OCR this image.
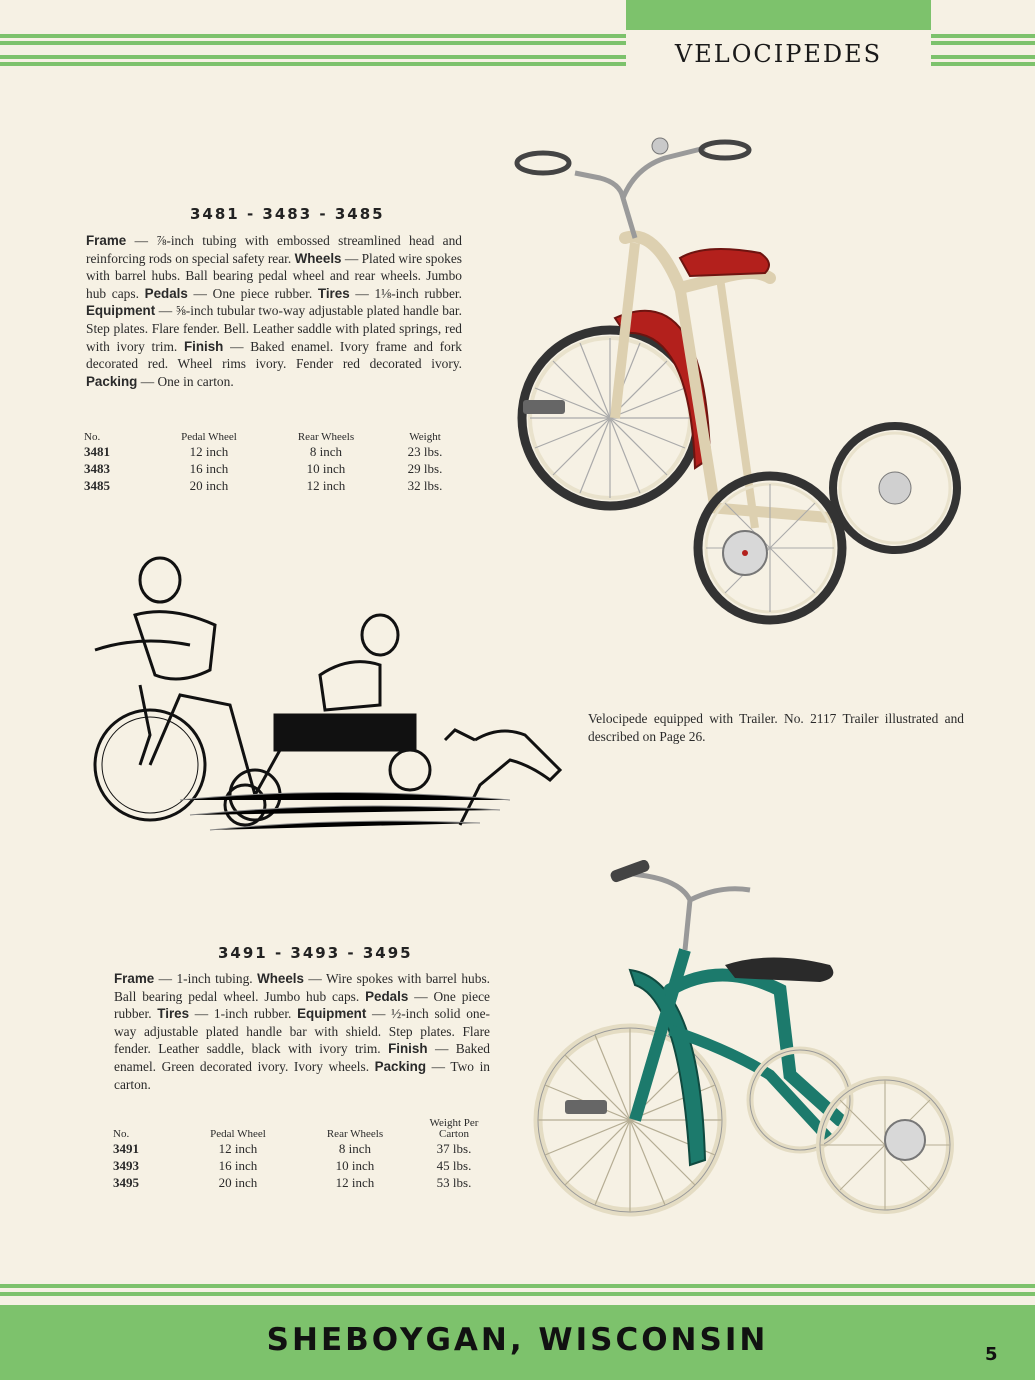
VELOCIPEDES
3481 - 3483 - 3485
Frame — ⅞-inch tubing with embossed streamlined head and reinforcing rods on special safety rear. Wheels — Plated wire spokes with barrel hubs. Ball bearing pedal wheel and rear wheels. Jumbo hub caps. Pedals — One piece rubber. Tires — 1⅛-inch rubber. Equipment — ⅝-inch tubular two-way adjustable plated handle bar. Step plates. Flare fender. Bell. Leather saddle with plated springs, red with ivory trim. Finish — Baked enamel. Ivory frame and fork decorated red. Wheel rims ivory. Fender red decorated ivory. Packing — One in carton.
No.	Pedal Wheel	Rear Wheels	Weight
3481	12 inch	8 inch	23 lbs.
3483	16 inch	10 inch	29 lbs.
3485	20 inch	12 inch	32 lbs.
Velocipede equipped with Trailer. No. 2117 Trailer illustrated and described on Page 26.
3491 - 3493 - 3495
Frame — 1-inch tubing. Wheels — Wire spokes with barrel hubs. Ball bearing pedal wheel. Jumbo hub caps. Pedals — One piece rubber. Tires — 1-inch rubber. Equipment — ½-inch solid one-way adjustable plated handle bar with shield. Step plates. Flare fender. Leather saddle, black with ivory trim. Finish — Baked enamel. Green decorated ivory. Ivory wheels. Packing — Two in carton.
No.	Pedal Wheel	Rear Wheels	Weight Per Carton
3491	12 inch	8 inch	37 lbs.
3493	16 inch	10 inch	45 lbs.
3495	20 inch	12 inch	53 lbs.
SHEBOYGAN, WISCONSIN	5
